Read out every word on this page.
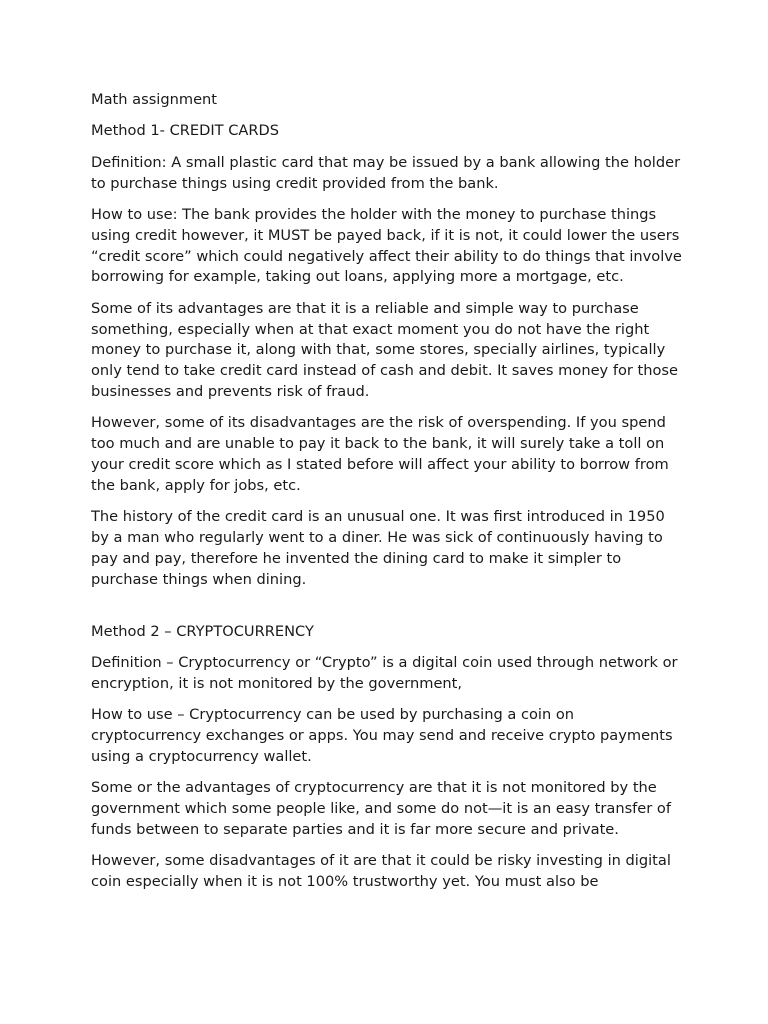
Math assignment

Method 1- CREDIT CARDS

Definition: A small plastic card that may be issued by a bank allowing the holder to purchase things using credit provided from the bank.

How to use: The bank provides the holder with the money to purchase things using credit however, it MUST be payed back, if it is not, it could lower the users “credit score” which could negatively affect their ability to do things that involve borrowing for example, taking out loans, applying more a mortgage, etc.

Some of its advantages are that it is a reliable and simple way to purchase something, especially when at that exact moment you do not have the right money to purchase it, along with that, some stores, specially airlines, typically only tend to take credit card instead of cash and debit. It saves money for those businesses and prevents risk of fraud.

However, some of its disadvantages are the risk of overspending. If you spend too much and are unable to pay it back to the bank, it will surely take a toll on your credit score which as I stated before will affect your ability to borrow from the bank, apply for jobs, etc.

The history of the credit card is an unusual one. It was first introduced in 1950 by a man who regularly went to a diner. He was sick of continuously having to pay and pay, therefore he invented the dining card to make it simpler to purchase things when dining.

Method 2 – CRYPTOCURRENCY

Definition – Cryptocurrency or “Crypto” is a digital coin used through network or encryption, it is not monitored by the government,

How to use – Cryptocurrency can be used by purchasing a coin on cryptocurrency exchanges or apps. You may send and receive crypto payments using a cryptocurrency wallet.

Some or the advantages of cryptocurrency are that it is not monitored by the government which some people like, and some do not—it is an easy transfer of funds between to separate parties and it is far more secure and private.

However, some disadvantages of it are that it could be risky investing in digital coin especially when it is not 100% trustworthy yet. You must also be
